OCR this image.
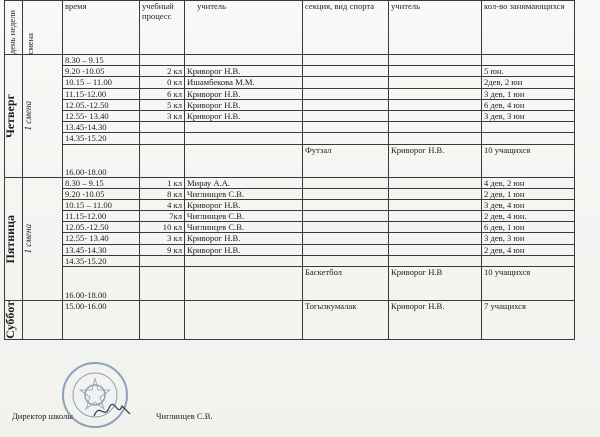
день недели	смена	время	учебный процесс	учитель	секция, вид спорта	учитель	кол-во занимающихся

Четверг	1 смена	8.30 – 9.15					
		9.20 -10.05	2 кл	Криворог Н.В.			5 юн.
		10.15 – 11.00	0 кл	Ишамбекова М.М.			2дев, 2 юн
		11.15-12.00	6 кл	Криворог Н.В.			3 дев, 1 юн
		12.05.-12.50	5 кл	Криворог Н.В.			6 дев, 4 юн
		12.55- 13.40	3 кл	Криворог Н.В.			3 дев, 3 юн
		13.45-14.30					
		14.35-15.20					
		16.00-18.00			Футзал	Криворог Н.В.	10 учащихся

Пятница	1 смена	8.30 – 9.15	1 кл	Мирау А.А.			4 дев, 2 юн
		9.20 -10.05	8 кл	Чиглинцев С.В.			2 дев, 1 юн
		10.15 – 11.00	4 кл	Криворог Н.В.			3 дев, 4 юн
		11.15-12.00	7кл	Чиглинцев С.В.			2 дев, 4 юн.
		12.05.-12.50	10 кл	Чиглинцев С.В.			6 дев, 1 юн
		12.55- 13.40	3 кл	Криворог Н.В.			3 дев, 3 юн
		13.45-14.30	9 кл	Криворог Н.В.			2 дев, 4 юн
		14.35-15.20					
		16.00-18.00			Баскетбол	Криворог Н.В	10 учащихся

Суббот		15.00-16.00			Тогызкумалак	Криворог Н.В.	7 учащихся
Директор школы	Чиглинцев С.В.
